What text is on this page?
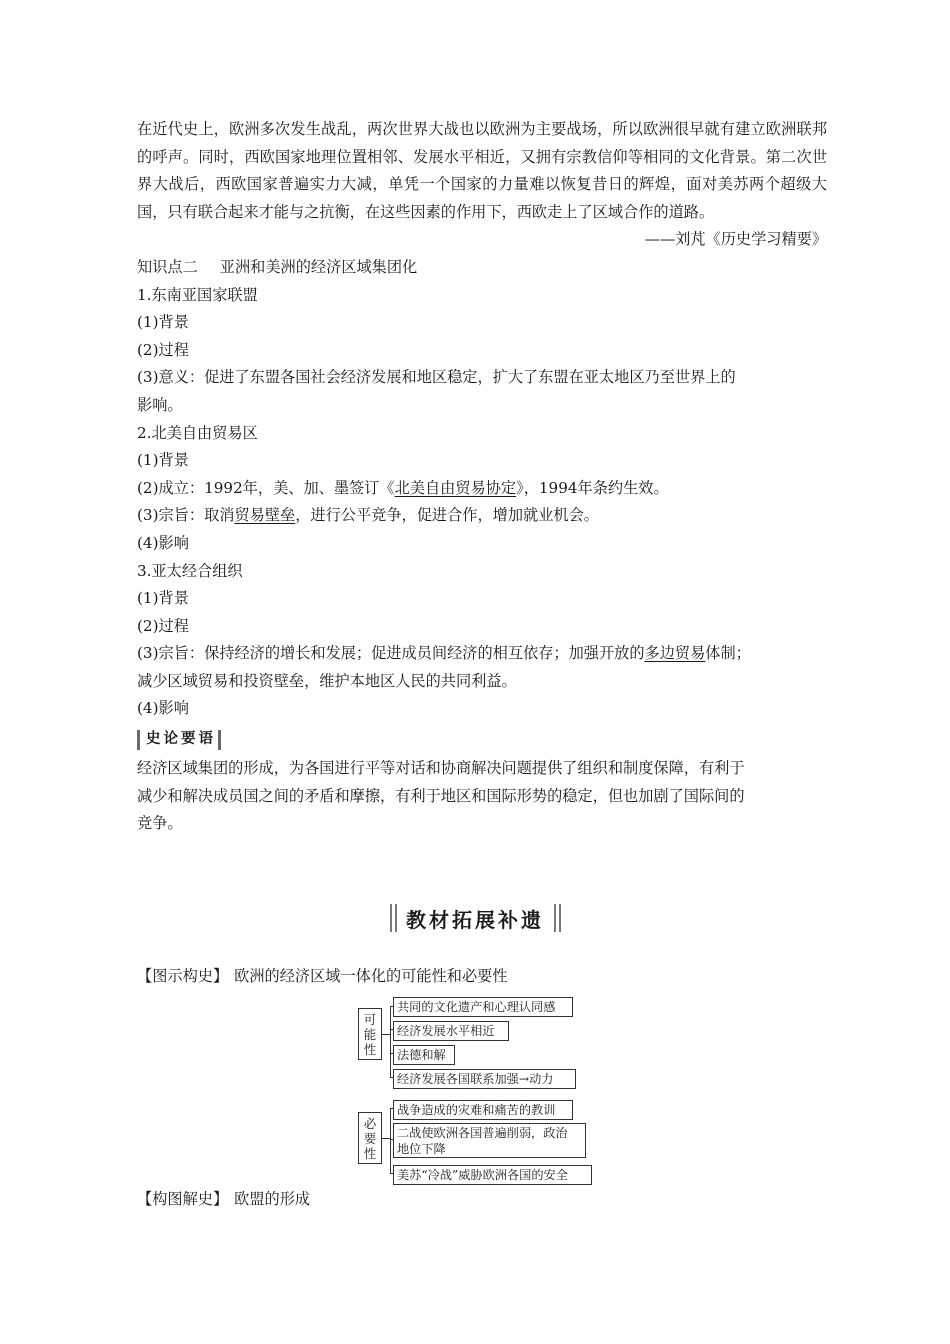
在近代史上，欧洲多次发生战乱，两次世界大战也以欧洲为主要战场，所以欧洲很早就有建立欧洲联邦的呼声。同时，西欧国家地理位置相邻、发展水平相近，又拥有宗教信仰等相同的文化背景。第二次世界大战后，西欧国家普遍实力大减，单凭一个国家的力量难以恢复昔日的辉煌，面对美苏两个超级大国，只有联合起来才能与之抗衡，在这些因素的作用下，西欧走上了区域合作的道路。

——刘芃《历史学习精要》

知识点二 亚洲和美洲的经济区域集团化

1.东南亚国家联盟

(1)背景

(2)过程

(3)意义：促进了东盟各国社会经济发展和地区稳定，扩大了东盟在亚太地区乃至世界上的

影响。

2.北美自由贸易区

(1)背景

(2)成立：1992年，美、加、墨签订《北美自由贸易协定》，1994年条约生效。

(3)宗旨：取消贸易壁垒，进行公平竞争，促进合作，增加就业机会。

(4)影响

3.亚太经合组织

(1)背景

(2)过程

(3)宗旨：保持经济的增长和发展；促进成员间经济的相互依存；加强开放的多边贸易体制；

减少区域贸易和投资壁垒，维护本地区人民的共同利益。

(4)影响

史论要语

经济区域集团的形成，为各国进行平等对话和协商解决问题提供了组织和制度保障，有利于

减少和解决成员国之间的矛盾和摩擦，有利于地区和国际形势的稳定，但也加剧了国际间的

竞争。

教材拓展补遗
【图示构史】 欧洲的经济区域一体化的可能性和必要性
可
能
性
共同的文化遗产和心理认同感
经济发展水平相近
法德和解
经济发展各国联系加强→动力
必
要
性
战争造成的灾难和痛苦的教训
二战使欧洲各国普遍削弱，政治
地位下降
美苏“冷战”威胁欧洲各国的安全
【构图解史】 欧盟的形成
